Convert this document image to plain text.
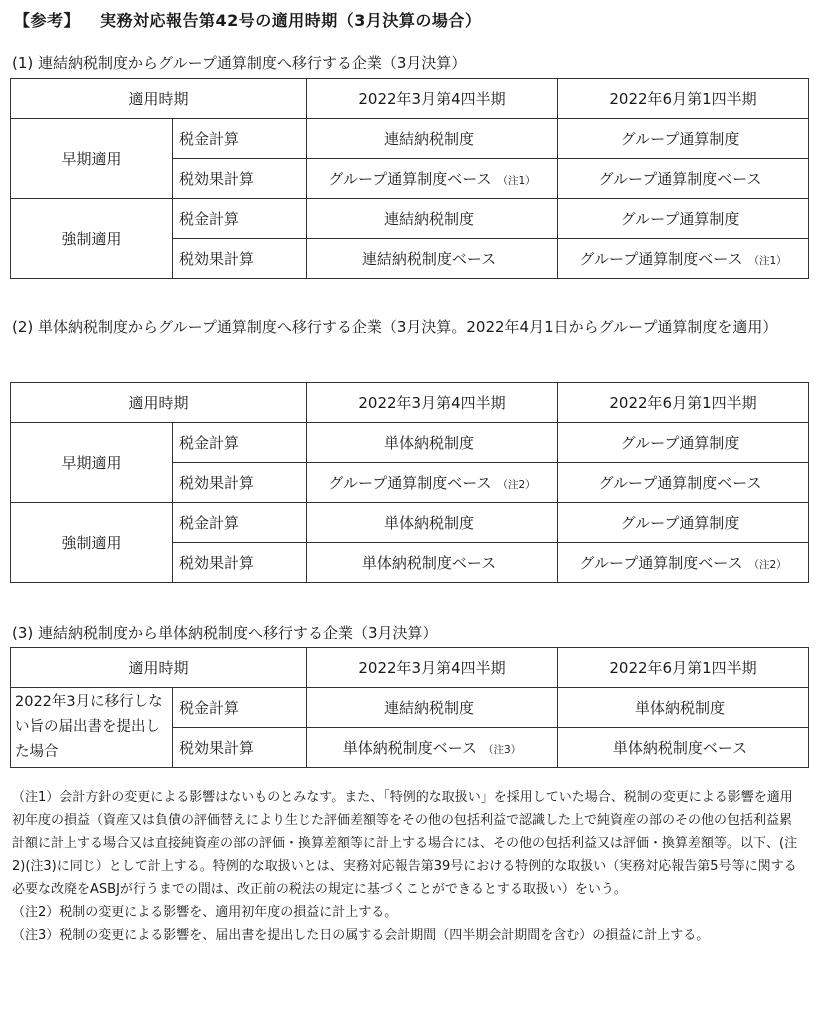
【参考】 実務対応報告第42号の適用時期（3月決算の場合）
(1) 連結納税制度からグループ通算制度へ移行する企業（3月決算）
適用時期		2022年3月第4四半期	2022年6月第1四半期
早期適用	税金計算	連結納税制度	グループ通算制度
	税効果計算	グループ通算制度ベース （注1）	グループ通算制度ベース
強制適用	税金計算	連結納税制度	グループ通算制度
	税効果計算	連結納税制度ベース	グループ通算制度ベース （注1）
(2) 単体納税制度からグループ通算制度へ移行する企業（3月決算。2022年4月1日からグループ通算制度を適用）
適用時期		2022年3月第4四半期	2022年6月第1四半期
早期適用	税金計算	単体納税制度	グループ通算制度
	税効果計算	グループ通算制度ベース （注2）	グループ通算制度ベース
強制適用	税金計算	単体納税制度	グループ通算制度
	税効果計算	単体納税制度ベース	グループ通算制度ベース （注2）
(3) 連結納税制度から単体納税制度へ移行する企業（3月決算）
適用時期		2022年3月第4四半期	2022年6月第1四半期
2022年3月に移行しない旨の届出書を提出した場合	税金計算	連結納税制度	単体納税制度
	税効果計算	単体納税制度ベース （注3）	単体納税制度ベース

（注1）会計方針の変更による影響はないものとみなす。また、「特例的な取扱い」を採用していた場合、税制の変更による影響を適用初年度の損益（資産又は負債の評価替えにより生じた評価差額等をその他の包括利益で認識した上で純資産の部のその他の包括利益累計額に計上する場合又は直接純資産の部の評価・換算差額等に計上する場合には、その他の包括利益又は評価・換算差額等。以下、(注2)(注3)に同じ）として計上する。特例的な取扱いとは、実務対応報告第39号における特例的な取扱い（実務対応報告第5号等に関する必要な改廃をASBJが行うまでの間は、改正前の税法の規定に基づくことができるとする取扱い）をいう。

（注2）税制の変更による影響を、適用初年度の損益に計上する。

（注3）税制の変更による影響を、届出書を提出した日の属する会計期間（四半期会計期間を含む）の損益に計上する。
